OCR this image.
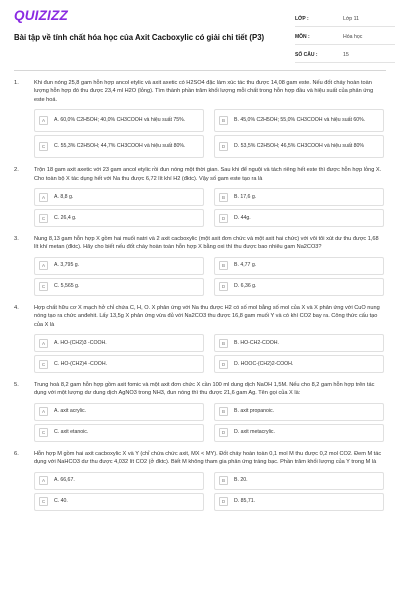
QUIZIZZ
Bài tập về tính chất hóa học của Axit Cacboxylic có giải chi tiết (P3)
LỚP :	Lớp 11
MÔN :	Hóa học
SỐ CÂU :	15
1.	Khi đun nóng 25,8 gam hỗn hợp ancol etylic và axit axetic có H2SO4 đặc làm xúc tác thu được 14,08 gam este. Nếu đốt cháy hoàn toàn lượng hỗn hợp đó thu được 23,4 ml H2O (lỏng). Tìm thành phần trăm khối lượng mỗi chất trong hỗn hợp đầu và hiệu suất của phản ứng este hoá.
A	A. 60,0% C2H5OH; 40,0% CH3COOH và hiệu suất 75%.	B	B. 45,0% C2H5OH; 55,0% CH3COOH và hiệu suất 60%.
C	C. 55,3% C2H5OH; 44,7% CH3COOH và hiệu suất 80%.	D	D. 53,5% C2H5OH; 46,5% CH3COOH và hiệu suất 80%
2.	Trộn 18 gam axit axetic với 23 gam ancol etylic rồi đun nóng một thời gian. Sau khi để nguội và tách riêng hết este thì được hỗn hợp lỏng X. Cho toàn bộ X tác dụng hết với Na thu được 6,72 lít khí H2 (đktc). Vậy số gam este tạo ra là
A	A. 8,8 g.	B	B. 17,6 g.
C	C. 26,4 g.	D	D. 44g.
3.	Nung 8,13 gam hỗn hợp X gồm hai muối natri và 2 axit cacboxylic (một axit đơn chức và một axit hai chức) với vôi tôi xút dư thu được 1,68 lít khí metan (đktc). Hãy cho biết nếu đốt cháy hoàn toàn hỗn hợp X bằng oxi thì thu được bao nhiêu gam Na2CO3?
A	A. 3,795 g.	B	B. 4,77 g.
C	C. 5,565 g.	D	D. 6,36 g.
4.	Hợp chất hữu cơ X mạch hở chỉ chứa C, H, O. X phản ứng với Na thu được H2 có số mol bằng số mol của X và X phản ứng với CuO nung nóng tạo ra chức anđehit. Lấy 13,5g X phản ứng vừa đủ với Na2CO3 thu được 16,8 gam muối Y và có khí CO2 bay ra. Công thức cấu tạo của X là
A	A. HO-(CH2)3 -COOH.	B	B. HO-CH2-COOH.
C	C. HO-(CH2)4 -COOH.	D	D. HOOC-(CH2)2-COOH.
5.	Trung hoà 8,2 gam hỗn hợp gồm axit fomic và một axit đơn chức X cần 100 ml dung dịch NaOH 1,5M. Nếu cho 8,2 gam hỗn hợp trên tác dụng với một lượng dư dung dịch AgNO3 trong NH3, đun nóng thì thu được 21,6 gam Ag. Tên gọi của X là:
A	A. axit acrylic.	B	B. axit propanoic.
C	C. axit etanoic.	D	D. axit metacrylic.
6.	Hỗn hợp M gồm hai axit cacboxylic X và Y (chỉ chứa chức axit, MX < MY). Đốt cháy hoàn toàn 0,1 mol M thu được 0,2 mol CO2. Đem M tác dụng với NaHCO3 dư thu được 4,032 lít CO2 (ở đktc). Biết M không tham gia phản ứng tráng bạc. Phần trăm khối lượng của Y trong M là
A	A. 66,67.	B	B. 20.
C	C. 40.	D	D. 85,71.
